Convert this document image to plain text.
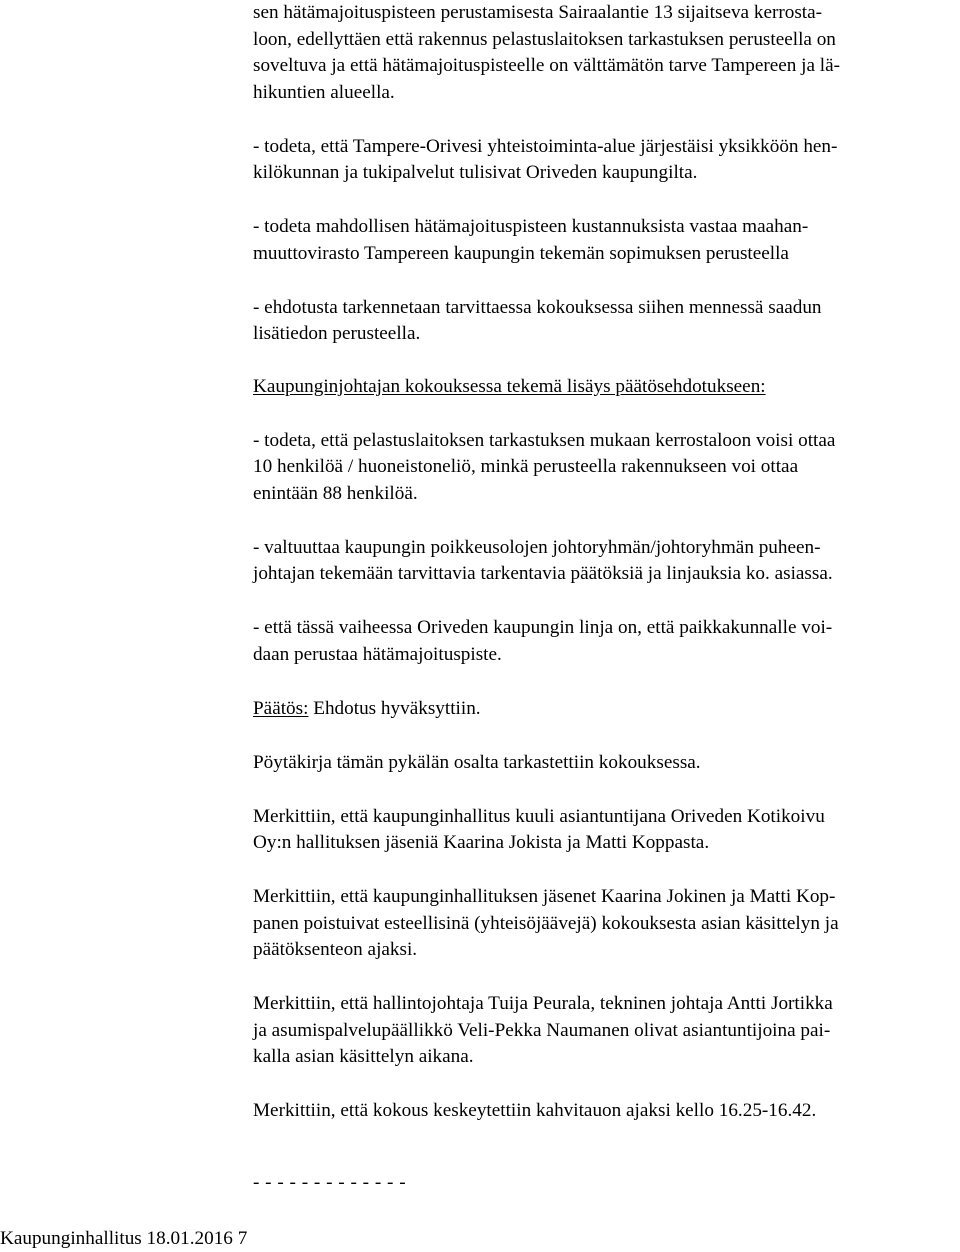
sen hätämajoituspisteen perustamisesta Sairaalantie 13 sijaitseva kerrosta-
loon, edellyttäen että rakennus pelastuslaitoksen tarkastuksen perusteella on
soveltuva ja että hätämajoituspisteelle on välttämätön tarve Tampereen ja lä-
hikuntien alueella.

- todeta, että Tampere-Orivesi yhteistoiminta-alue järjestäisi yksikköön hen-
kilökunnan ja tukipalvelut tulisivat Oriveden kaupungilta.

- todeta mahdollisen hätämajoituspisteen kustannuksista vastaa maahan-
muuttovirasto Tampereen kaupungin tekemän sopimuksen perusteella

- ehdotusta tarkennetaan tarvittaessa kokouksessa siihen mennessä saadun
lisätiedon perusteella.

Kaupunginjohtajan kokouksessa tekemä lisäys päätösehdotukseen:

- todeta, että pelastuslaitoksen tarkastuksen mukaan kerrostaloon voisi ottaa
10 henkilöä / huoneistoneliö, minkä perusteella rakennukseen voi ottaa
enintään 88 henkilöä.

- valtuuttaa kaupungin poikkeusolojen johtoryhmän/johtoryhmän puheen-
johtajan tekemään tarvittavia tarkentavia päätöksiä ja linjauksia ko. asiassa.

- että tässä vaiheessa Oriveden kaupungin linja on, että paikkakunnalle voi-
daan perustaa hätämajoituspiste.

Päätös: Ehdotus hyväksyttiin.

Pöytäkirja tämän pykälän osalta tarkastettiin kokouksessa.

Merkittiin, että kaupunginhallitus kuuli asiantuntijana Oriveden Kotikoivu
Oy:n hallituksen jäseniä Kaarina Jokista ja Matti Koppasta.

Merkittiin, että kaupunginhallituksen jäsenet Kaarina Jokinen ja Matti Kop-
panen poistuivat esteellisinä (yhteisöjäävejä) kokouksesta asian käsittelyn ja
päätöksenteon ajaksi.

Merkittiin, että hallintojohtaja Tuija Peurala, tekninen johtaja Antti Jortikka
ja asumispalvelupäällikkö Veli-Pekka Naumanen olivat asiantuntijoina pai-
kalla asian käsittelyn aikana.

Merkittiin, että kokous keskeytettiin kahvitauon ajaksi kello 16.25-16.42.

- - - - - - - - - - - - -
Kaupunginhallitus 18.01.2016 7
